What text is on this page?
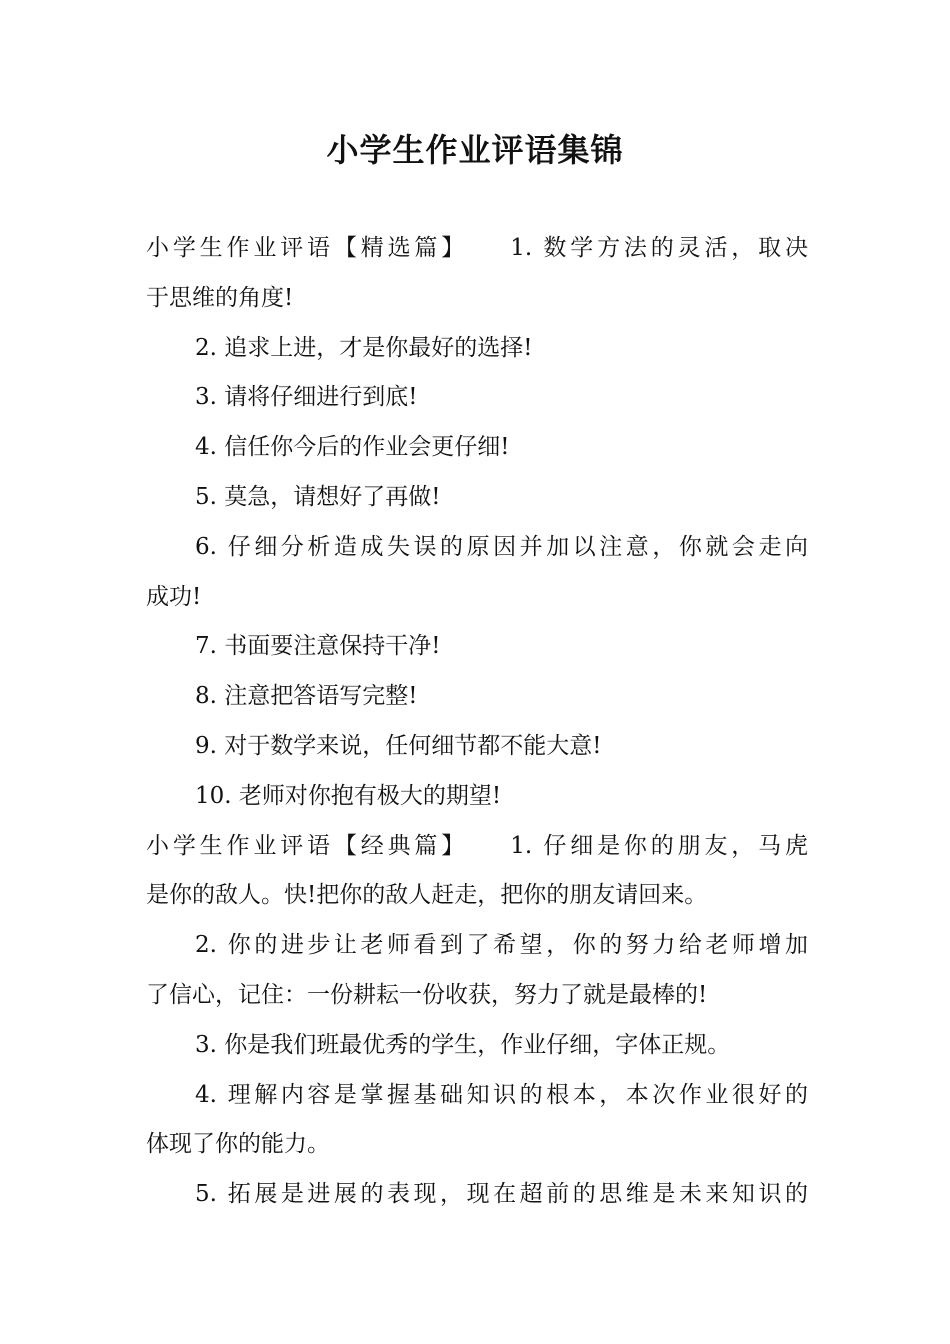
小学生作业评语集锦
小学生作业评语【精选篇】　　1. 数学方法的灵活，取决
于思维的角度!
2. 追求上进，才是你最好的选择!
3. 请将仔细进行到底!
4. 信任你今后的作业会更仔细!
5. 莫急，请想好了再做!
6. 仔细分析造成失误的原因并加以注意，你就会走向
成功!
7. 书面要注意保持干净!
8. 注意把答语写完整!
9. 对于数学来说，任何细节都不能大意!
10. 老师对你抱有极大的期望!
小学生作业评语【经典篇】　　1. 仔细是你的朋友，马虎
是你的敌人。快!把你的敌人赶走，把你的朋友请回来。
2. 你的进步让老师看到了希望，你的努力给老师增加
了信心，记住：一份耕耘一份收获，努力了就是最棒的!
3. 你是我们班最优秀的学生，作业仔细，字体正规。
4. 理解内容是掌握基础知识的根本，本次作业很好的
体现了你的能力。
5. 拓展是进展的表现，现在超前的思维是未来知识的
